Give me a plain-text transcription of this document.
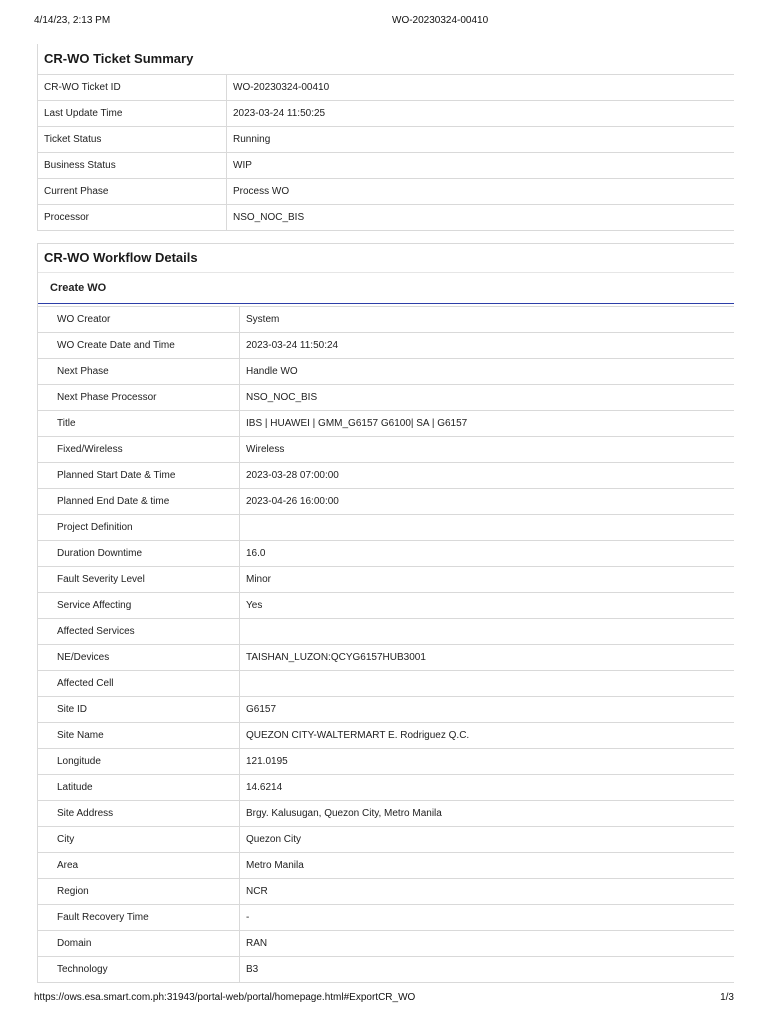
4/14/23, 2:13 PM	WO-20230324-00410
CR-WO Ticket Summary
CR-WO Ticket ID	WO-20230324-00410
Last Update Time	2023-03-24 11:50:25
Ticket Status	Running
Business Status	WIP
Current Phase	Process WO
Processor	NSO_NOC_BIS
CR-WO Workflow Details
Create WO
WO Creator	System
WO Create Date and Time	2023-03-24 11:50:24
Next Phase	Handle WO
Next Phase Processor	NSO_NOC_BIS
Title	IBS | HUAWEI | GMM_G6157 G6100| SA | G6157
Fixed/Wireless	Wireless
Planned Start Date & Time	2023-03-28 07:00:00
Planned End Date & time	2023-04-26 16:00:00
Project Definition	
Duration Downtime	16.0
Fault Severity Level	Minor
Service Affecting	Yes
Affected Services	
NE/Devices	TAISHAN_LUZON:QCYG6157HUB3001
Affected Cell	
Site ID	G6157
Site Name	QUEZON CITY-WALTERMART E. Rodriguez Q.C.
Longitude	121.0195
Latitude	14.6214
Site Address	Brgy. Kalusugan, Quezon City, Metro Manila
City	Quezon City
Area	Metro Manila
Region	NCR
Fault Recovery Time	-
Domain	RAN
Technology	B3
https://ows.esa.smart.com.ph:31943/portal-web/portal/homepage.html#ExportCR_WO	1/3
